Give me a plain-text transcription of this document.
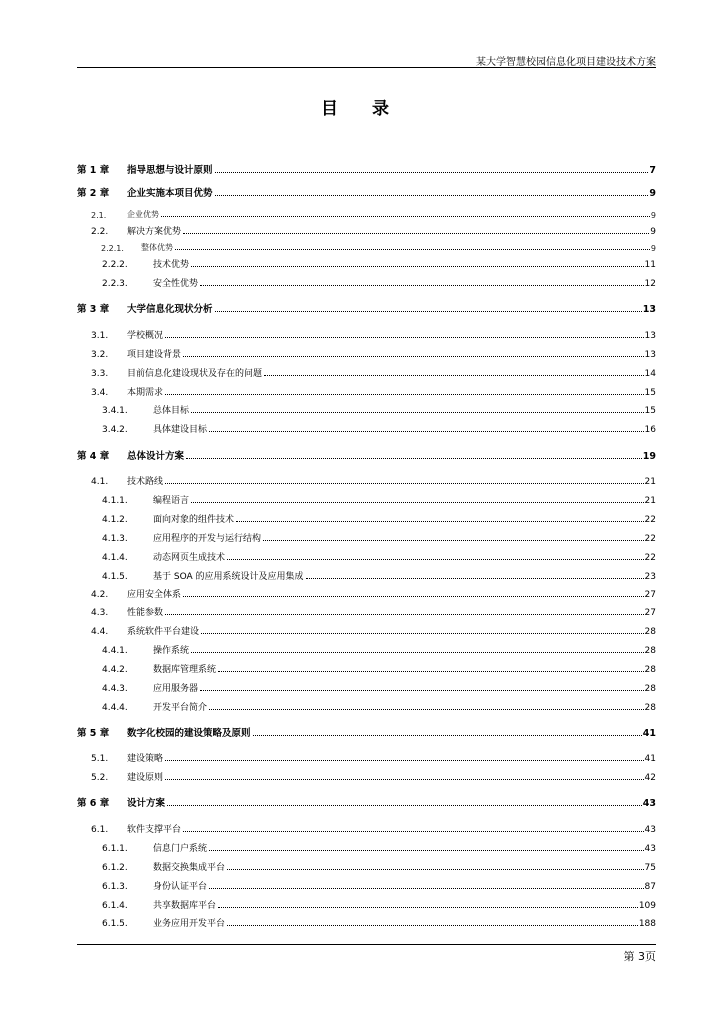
某大学智慧校园信息化项目建设技术方案
目 录
第 1 章	指导思想与设计原则	7
第 2 章	企业实施本项目优势	9
2.1.	企业优势	9
2.2.	解决方案优势	9
2.2.1.	整体优势	9
2.2.2.	技术优势	11
2.2.3.	安全性优势	12
第 3 章	大学信息化现状分析	13
3.1.	学校概况	13
3.2.	项目建设背景	13
3.3.	目前信息化建设现状及存在的问题	14
3.4.	本期需求	15
3.4.1.	总体目标	15
3.4.2.	具体建设目标	16
第 4 章	总体设计方案	19
4.1.	技术路线	21
4.1.1.	编程语言	21
4.1.2.	面向对象的组件技术	22
4.1.3.	应用程序的开发与运行结构	22
4.1.4.	动态网页生成技术	22
4.1.5.	基于 SOA 的应用系统设计及应用集成	23
4.2.	应用安全体系	27
4.3.	性能参数	27
4.4.	系统软件平台建设	28
4.4.1.	操作系统	28
4.4.2.	数据库管理系统	28
4.4.3.	应用服务器	28
4.4.4.	开发平台简介	28
第 5 章	数字化校园的建设策略及原则	41
5.1.	建设策略	41
5.2.	建设原则	42
第 6 章	设计方案	43
6.1.	软件支撑平台	43
6.1.1.	信息门户系统	43
6.1.2.	数据交换集成平台	75
6.1.3.	身份认证平台	87
6.1.4.	共享数据库平台	109
6.1.5.	业务应用开发平台	188
第 3页
